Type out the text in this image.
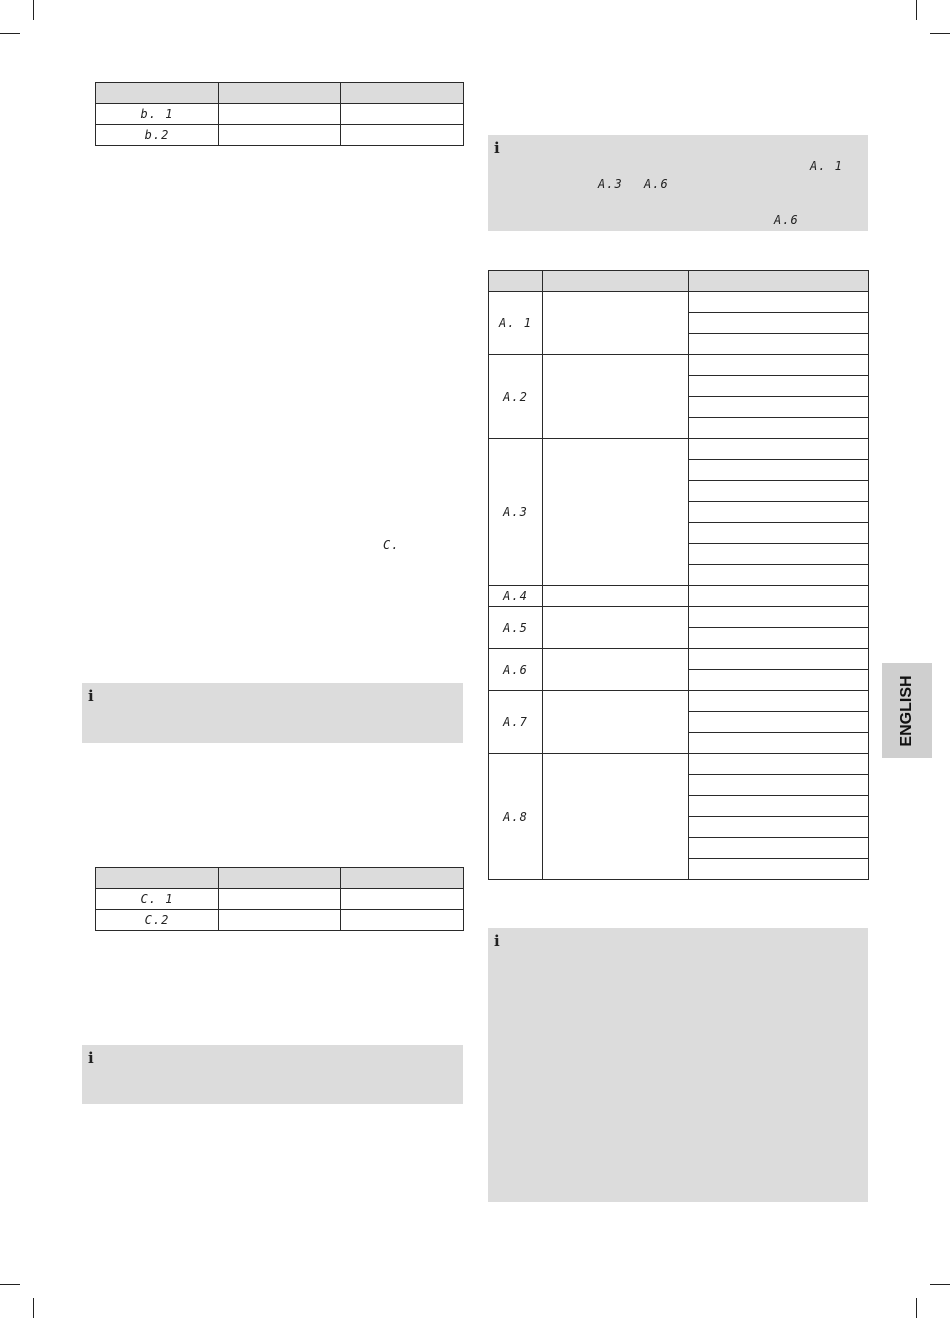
b. 1		
b.2		
C.
i

C. 1		
C.2		
i
i
A. 1
A.3 A.6
A.6

A. 1		

A.2		

A.3		

A.4		
A.5		

A.6		

A.7		

A.8		

i
ENGLISH
